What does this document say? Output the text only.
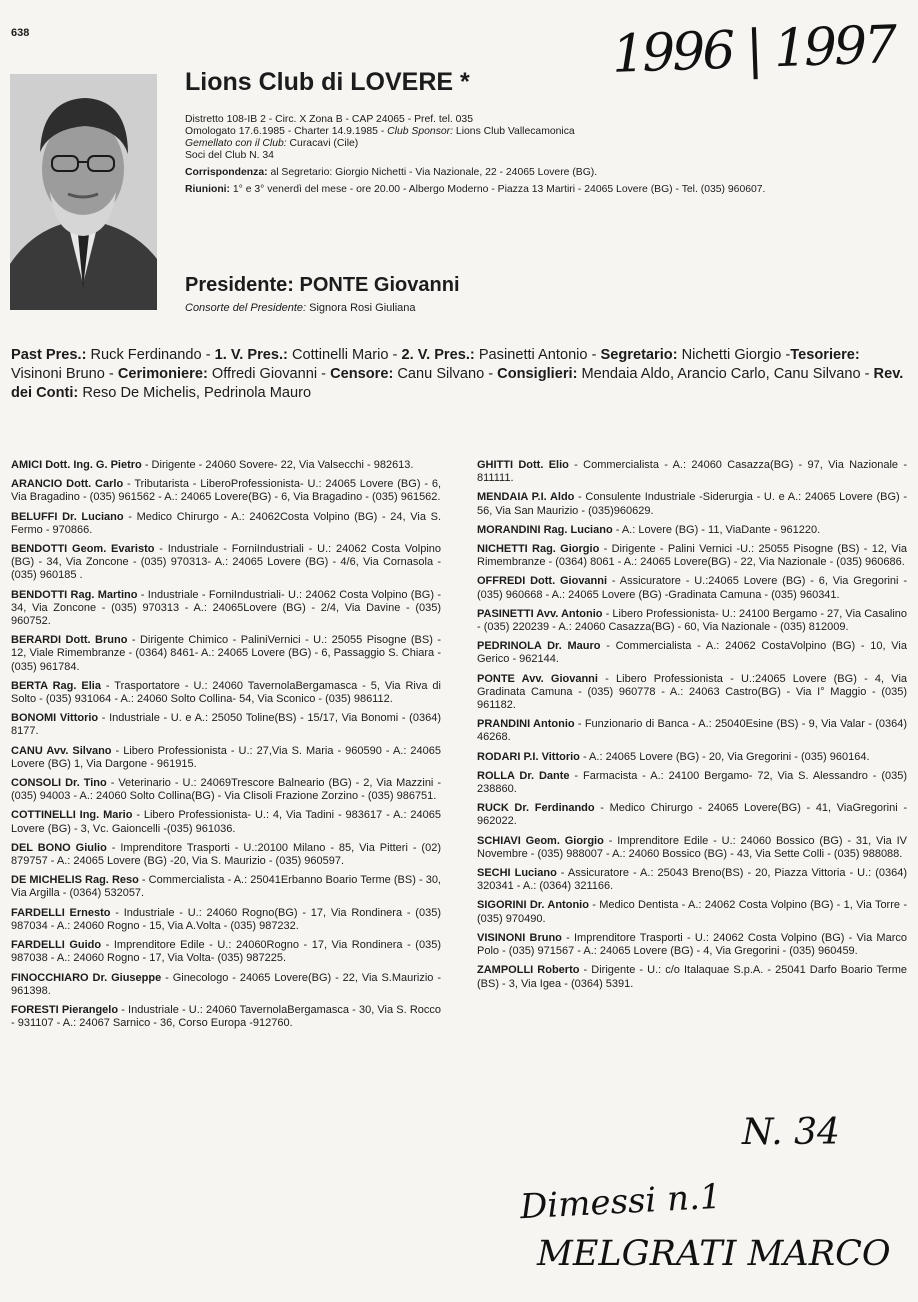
638	1996 | 1997
Lions Club di LOVERE *
Distretto 108-IB 2 - Circ. X Zona B - CAP 24065 - Pref. tel. 035
Omologato 17.6.1985 - Charter 14.9.1985 - Club Sponsor: Lions Club Vallecamonica
Gemellato con il Club: Curacavi (Cile)
Soci del Club N. 34
Corrispondenza: al Segretario: Giorgio Nichetti - Via Nazionale, 22 - 24065 Lovere (BG).
Riunioni: 1° e 3° venerdì del mese - ore 20.00 - Albergo Moderno - Piazza 13 Martiri - 24065 Lovere (BG) - Tel. (035) 960607.
Presidente: PONTE Giovanni
Consorte del Presidente: Signora Rosi Giuliana
Past Pres.: Ruck Ferdinando - 1. V. Pres.: Cottinelli Mario - 2. V. Pres.: Pasinetti Antonio - Segretario: Nichetti Giorgio -Tesoriere: Visinoni Bruno - Cerimoniere: Offredi Giovanni - Censore: Canu Silvano - Consiglieri: Mendaia Aldo, Arancio Carlo, Canu Silvano - Rev. dei Conti: Reso De Michelis, Pedrinola Mauro
AMICI Dott. Ing. G. Pietro - Dirigente - 24060 Sovere- 22, Via Valsecchi - 982613.
ARANCIO Dott. Carlo - Tributarista - LiberoProfessionista- U.: 24065 Lovere (BG) - 6, Via Bragadino - (035) 961562 - A.: 24065 Lovere(BG) - 6, Via Bragadino - (035) 961562.
BELUFFI Dr. Luciano - Medico Chirurgo - A.: 24062Costa Volpino (BG) - 24, Via S. Fermo - 970866.
BENDOTTI Geom. Evaristo - Industriale - ForniIndustriali - U.: 24062 Costa Volpino (BG) - 34, Via Zoncone - (035) 970313- A.: 24065 Lovere (BG) - 4/6, Via Cornasola - (035) 960185 .
BENDOTTI Rag. Martino - Industriale - ForniIndustriali- U.: 24062 Costa Volpino (BG) - 34, Via Zoncone - (035) 970313 - A.: 24065Lovere (BG) - 2/4, Via Davine - (035) 960752.
BERARDI Dott. Bruno - Dirigente Chimico - PaliniVernici - U.: 25055 Pisogne (BS) - 12, Viale Rimembranze - (0364) 8461- A.: 24065 Lovere (BG) - 6, Passaggio S. Chiara - (035) 961784.
BERTA Rag. Elia - Trasportatore - U.: 24060 TavernolaBergamasca - 5, Via Riva di Solto - (035) 931064 - A.: 24060 Solto Collina- 54, Via Sconico - (035) 986112.
BONOMI Vittorio - Industriale - U. e A.: 25050 Toline(BS) - 15/17, Via Bonomi - (0364) 8177.
CANU Avv. Silvano - Libero Professionista - U.: 27,Via S. Maria - 960590 - A.: 24065 Lovere (BG) 1, Via Dargone - 961915.
CONSOLI Dr. Tino - Veterinario - U.: 24069Trescore Balneario (BG) - 2, Via Mazzini - (035) 94003 - A.: 24060 Solto Collina(BG) - Via Clisoli Frazione Zorzino - (035) 986751.
COTTINELLI Ing. Mario - Libero Professionista- U.: 4, Via Tadini - 983617 - A.: 24065 Lovere (BG) - 3, Vc. Gaioncelli -(035) 961036.
DEL BONO Giulio - Imprenditore Trasporti - U.:20100 Milano - 85, Via Pitteri - (02) 879757 - A.: 24065 Lovere (BG) -20, Via S. Maurizio - (035) 960597.
DE MICHELIS Rag. Reso - Commercialista - A.: 25041Erbanno Boario Terme (BS) - 30, Via Argilla - (0364) 532057.
FARDELLI Ernesto - Industriale - U.: 24060 Rogno(BG) - 17, Via Rondinera - (035) 987034 - A.: 24060 Rogno - 15, Via A.Volta - (035) 987232.
FARDELLI Guido - Imprenditore Edile - U.: 24060Rogno - 17, Via Rondinera - (035) 987038 - A.: 24060 Rogno - 17, Via Volta- (035) 987225.
FINOCCHIARO Dr. Giuseppe - Ginecologo - 24065 Lovere(BG) - 22, Via S.Maurizio - 961398.
FORESTI Pierangelo - Industriale - U.: 24060 TavernolaBergamasca - 30, Via S. Rocco - 931107 - A.: 24067 Sarnico - 36, Corso Europa -912760.
GHITTI Dott. Elio - Commercialista - A.: 24060 Casazza(BG) - 97, Via Nazionale - 811111.
MENDAIA P.I. Aldo - Consulente Industriale -Siderurgia - U. e A.: 24065 Lovere (BG) - 56, Via San Maurizio - (035)960629.
MORANDINI Rag. Luciano - A.: Lovere (BG) - 11, ViaDante - 961220.
NICHETTI Rag. Giorgio - Dirigente - Palini Vernici -U.: 25055 Pisogne (BS) - 12, Via Rimembranze - (0364) 8061 - A.: 24065 Lovere(BG) - 22, Via Nazionale - (035) 960686.
OFFREDI Dott. Giovanni - Assicuratore - U.:24065 Lovere (BG) - 6, Via Gregorini - (035) 960668 - A.: 24065 Lovere (BG) -Gradinata Camuna - (035) 960341.
PASINETTI Avv. Antonio - Libero Professionista- U.: 24100 Bergamo - 27, Via Casalino - (035) 220239 - A.: 24060 Casazza(BG) - 60, Via Nazionale - (035) 812009.
PEDRINOLA Dr. Mauro - Commercialista - A.: 24062 CostaVolpino (BG) - 10, Via Gerico - 962144.
PONTE Avv. Giovanni - Libero Professionista - U.:24065 Lovere (BG) - 4, Via Gradinata Camuna - (035) 960778 - A.: 24063 Castro(BG) - Via I° Maggio - (035) 961182.
PRANDINI Antonio - Funzionario di Banca - A.: 25040Esine (BS) - 9, Via Valar - (0364) 46268.
RODARI P.I. Vittorio - A.: 24065 Lovere (BG) - 20, Via Gregorini - (035) 960164.
ROLLA Dr. Dante - Farmacista - A.: 24100 Bergamo- 72, Via S. Alessandro - (035) 238860.
RUCK Dr. Ferdinando - Medico Chirurgo - 24065 Lovere(BG) - 41, ViaGregorini - 962022.
SCHIAVI Geom. Giorgio - Imprenditore Edile - U.: 24060 Bossico (BG) - 31, Via IV Novembre - (035) 988007 - A.: 24060 Bossico (BG) - 43, Via Sette Colli - (035) 988088.
SECHI Luciano - Assicuratore - A.: 25043 Breno(BS) - 20, Piazza Vittoria - U.: (0364) 320341 - A.: (0364) 321166.
SIGORINI Dr. Antonio - Medico Dentista - A.: 24062 Costa Volpino (BG) - 1, Via Torre - (035) 970490.
VISINONI Bruno - Imprenditore Trasporti - U.: 24062 Costa Volpino (BG) - Via Marco Polo - (035) 971567 - A.: 24065 Lovere (BG) - 4, Via Gregorini - (035) 960459.
ZAMPOLLI Roberto - Dirigente - U.: c/o Italaquae S.p.A. - 25041 Darfo Boario Terme (BS) - 3, Via Igea - (0364) 5391.
N. 34
Dimessi n.1
MELGRATI MARCO
